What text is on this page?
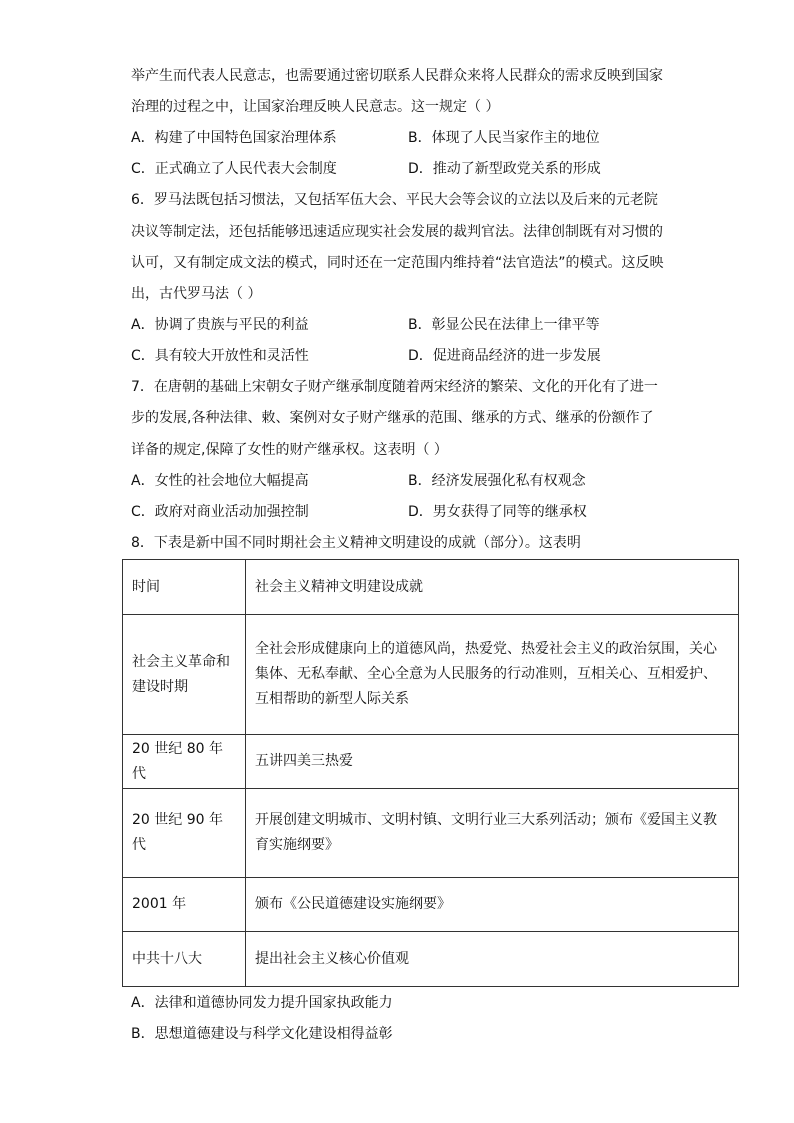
举产生而代表人民意志，也需要通过密切联系人民群众来将人民群众的需求反映到国家
治理的过程之中，让国家治理反映人民意志。这一规定（ ）
A．构建了中国特色国家治理体系	B．体现了人民当家作主的地位
C．正式确立了人民代表大会制度	D．推动了新型政党关系的形成
6．罗马法既包括习惯法，又包括军伍大会、平民大会等会议的立法以及后来的元老院
决议等制定法，还包括能够迅速适应现实社会发展的裁判官法。法律创制既有对习惯的
认可，又有制定成文法的模式，同时还在一定范围内维持着“法官造法”的模式。这反映
出，古代罗马法（ ）
A．协调了贵族与平民的利益	B．彰显公民在法律上一律平等
C．具有较大开放性和灵活性	D．促进商品经济的进一步发展
7．在唐朝的基础上宋朝女子财产继承制度随着两宋经济的繁荣、文化的开化有了进一
步的发展,各种法律、敕、案例对女子财产继承的范围、继承的方式、继承的份额作了
详备的规定,保障了女性的财产继承权。这表明（ ）
A．女性的社会地位大幅提高	B．经济发展强化私有权观念
C．政府对商业活动加强控制	D．男女获得了同等的继承权
8．下表是新中国不同时期社会主义精神文明建设的成就（部分）。这表明
时间	社会主义精神文明建设成就
社会主义革命和建设时期	全社会形成健康向上的道德风尚，热爱党、热爱社会主义的政治氛围，关心集体、无私奉献、全心全意为人民服务的行动准则，互相关心、互相爱护、互相帮助的新型人际关系
20 世纪 80 年代	五讲四美三热爱
20 世纪 90 年代	开展创建文明城市、文明村镇、文明行业三大系列活动；颁布《爱国主义教育实施纲要》
2001 年	颁布《公民道德建设实施纲要》
中共十八大	提出社会主义核心价值观
A．法律和道德协同发力提升国家执政能力
B．思想道德建设与科学文化建设相得益彰
